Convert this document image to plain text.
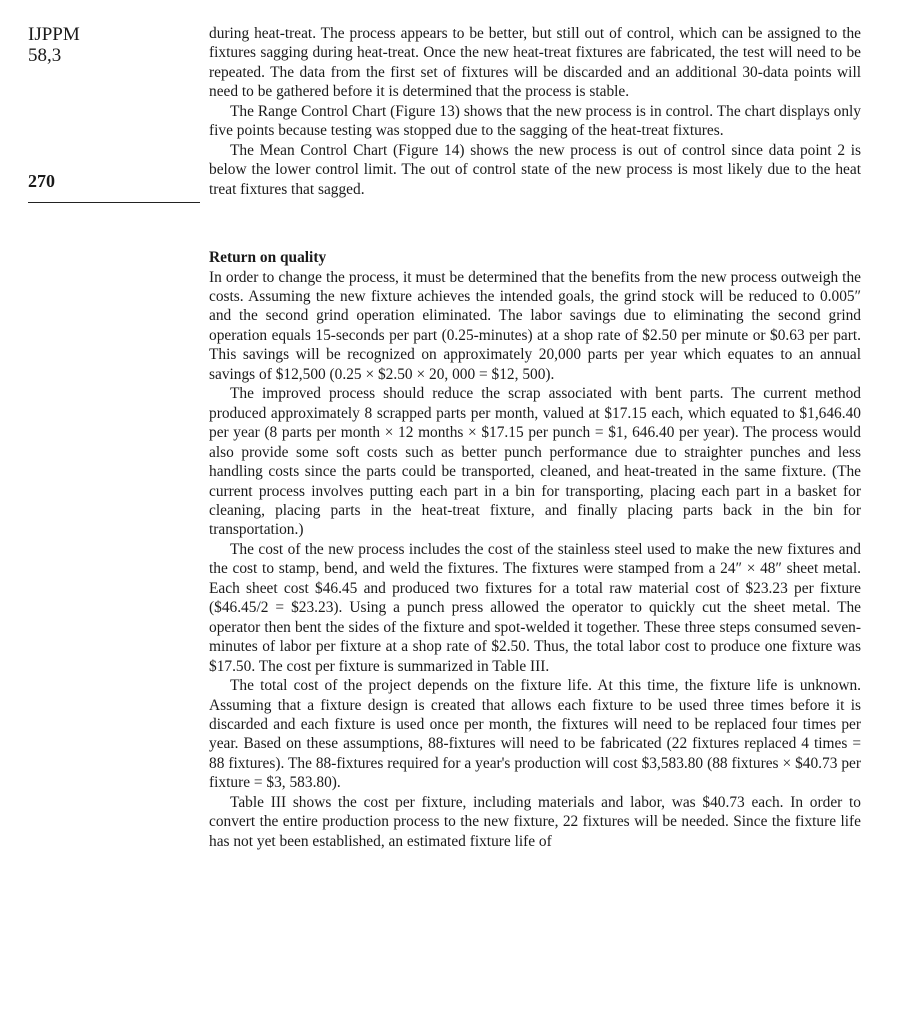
IJPPM
58,3
270

during heat-treat. The process appears to be better, but still out of control, which can be assigned to the fixtures sagging during heat-treat. Once the new heat-treat fixtures are fabricated, the test will need to be repeated. The data from the first set of fixtures will be discarded and an additional 30-data points will need to be gathered before it is determined that the process is stable.

The Range Control Chart (Figure 13) shows that the new process is in control. The chart displays only five points because testing was stopped due to the sagging of the heat-treat fixtures.

The Mean Control Chart (Figure 14) shows the new process is out of control since data point 2 is below the lower control limit. The out of control state of the new process is most likely due to the heat treat fixtures that sagged.

Return on quality

In order to change the process, it must be determined that the benefits from the new process outweigh the costs. Assuming the new fixture achieves the intended goals, the grind stock will be reduced to 0.005″ and the second grind operation eliminated. The labor savings due to eliminating the second grind operation equals 15-seconds per part (0.25-minutes) at a shop rate of $2.50 per minute or $0.63 per part. This savings will be recognized on approximately 20,000 parts per year which equates to an annual savings of $12,500 (0.25 × $2.50 × 20, 000 = $12, 500).

The improved process should reduce the scrap associated with bent parts. The current method produced approximately 8 scrapped parts per month, valued at $17.15 each, which equated to $1,646.40 per year (8 parts per month × 12 months × $17.15 per punch = $1, 646.40 per year). The process would also provide some soft costs such as better punch performance due to straighter punches and less handling costs since the parts could be transported, cleaned, and heat-treated in the same fixture. (The current process involves putting each part in a bin for transporting, placing each part in a basket for cleaning, placing parts in the heat-treat fixture, and finally placing parts back in the bin for transportation.)

The cost of the new process includes the cost of the stainless steel used to make the new fixtures and the cost to stamp, bend, and weld the fixtures. The fixtures were stamped from a 24″ × 48″ sheet metal. Each sheet cost $46.45 and produced two fixtures for a total raw material cost of $23.23 per fixture ($46.45/2 = $23.23). Using a punch press allowed the operator to quickly cut the sheet metal. The operator then bent the sides of the fixture and spot-welded it together. These three steps consumed seven-minutes of labor per fixture at a shop rate of $2.50. Thus, the total labor cost to produce one fixture was $17.50. The cost per fixture is summarized in Table III.

The total cost of the project depends on the fixture life. At this time, the fixture life is unknown. Assuming that a fixture design is created that allows each fixture to be used three times before it is discarded and each fixture is used once per month, the fixtures will need to be replaced four times per year. Based on these assumptions, 88-fixtures will need to be fabricated (22 fixtures replaced 4 times = 88 fixtures). The 88-fixtures required for a year's production will cost $3,583.80 (88 fixtures × $40.73 per fixture = $3, 583.80).

Table III shows the cost per fixture, including materials and labor, was $40.73 each. In order to convert the entire production process to the new fixture, 22 fixtures will be needed. Since the fixture life has not yet been established, an estimated fixture life of
